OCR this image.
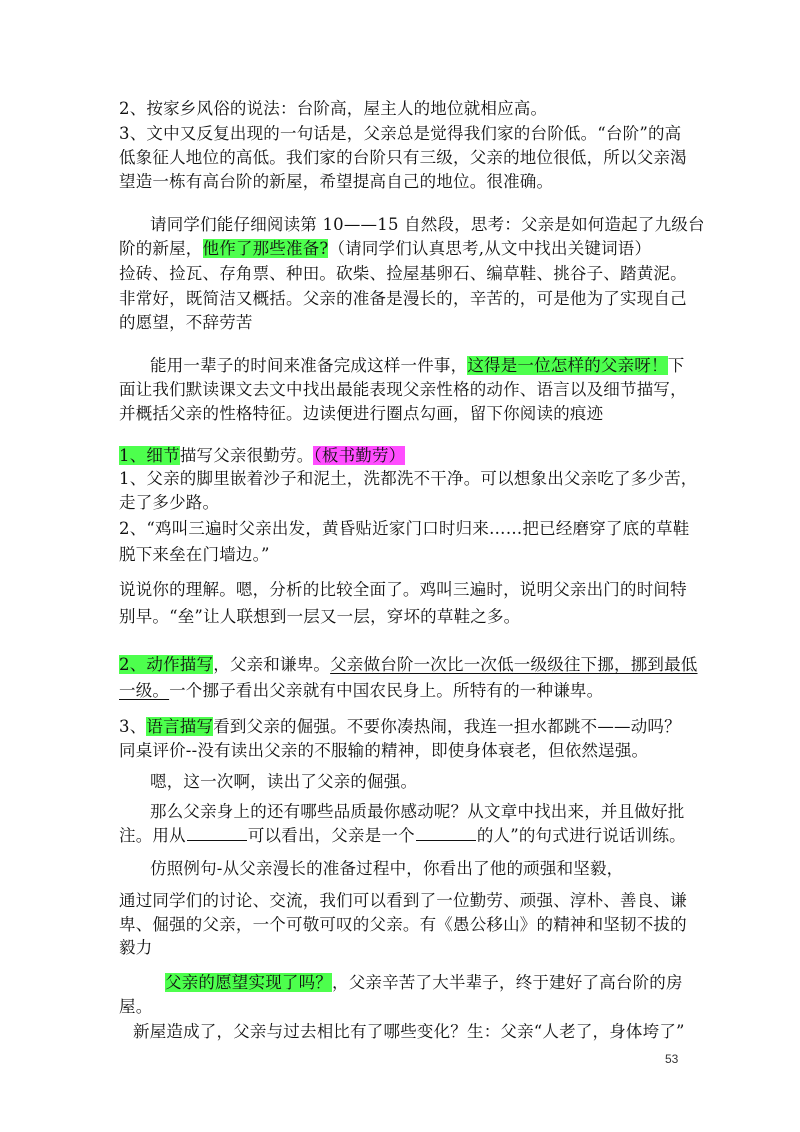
2、按家乡风俗的说法：台阶高，屋主人的地位就相应高。
3、文中又反复出现的一句话是，父亲总是觉得我们家的台阶低。“台阶”的高
低象征人地位的高低。我们家的台阶只有三级，父亲的地位很低，所以父亲渴
望造一栋有高台阶的新屋，希望提高自己的地位。很准确。
请同学们能仔细阅读第 10——15 自然段，思考：父亲是如何造起了九级台
阶的新屋，他作了那些准备?（请同学们认真思考,从文中找出关键词语）
捡砖、捡瓦、存角票、种田。砍柴、捡屋基卵石、编草鞋、挑谷子、踏黄泥。
非常好，既简洁又概括。父亲的准备是漫长的，辛苦的，可是他为了实现自己
的愿望，不辞劳苦
能用一辈子的时间来准备完成这样一件事，这得是一位怎样的父亲呀！下
面让我们默读课文去文中找出最能表现父亲性格的动作、语言以及细节描写，
并概括父亲的性格特征。边读便进行圈点勾画，留下你阅读的痕迹
1、细节描写父亲很勤劳。（板书勤劳）
1、父亲的脚里嵌着沙子和泥土，洗都洗不干净。可以想象出父亲吃了多少苦，
走了多少路。
2、“鸡叫三遍时父亲出发，黄昏贴近家门口时归来……把已经磨穿了底的草鞋
脱下来垒在门墙边。”
说说你的理解。嗯，分析的比较全面了。鸡叫三遍时，说明父亲出门的时间特
别早。“垒”让人联想到一层又一层，穿坏的草鞋之多。
2、动作描写，父亲和谦卑。父亲做台阶一次比一次低一级级往下挪，挪到最低
一级。一个挪子看出父亲就有中国农民身上。所特有的一种谦卑。
3、语言描写看到父亲的倔强。不要你凑热闹，我连一担水都跳不——动吗？
同桌评价--没有读出父亲的不服输的精神，即使身体衰老，但依然逞强。
嗯，这一次啊，读出了父亲的倔强。
那么父亲身上的还有哪些品质最你感动呢？从文章中找出来，并且做好批
注。用从	可以看出，父亲是一个	的人”的句式进行说话训练。
仿照例句-从父亲漫长的准备过程中，你看出了他的顽强和坚毅，
通过同学们的讨论、交流，我们可以看到了一位勤劳、顽强、淳朴、善良、谦
卑、倔强的父亲，一个可敬可叹的父亲。有《愚公移山》的精神和坚韧不拔的
毅力
父亲的愿望实现了吗？，父亲辛苦了大半辈子，终于建好了高台阶的房
屋。
新屋造成了，父亲与过去相比有了哪些变化？生：父亲“人老了，身体垮了”
53
